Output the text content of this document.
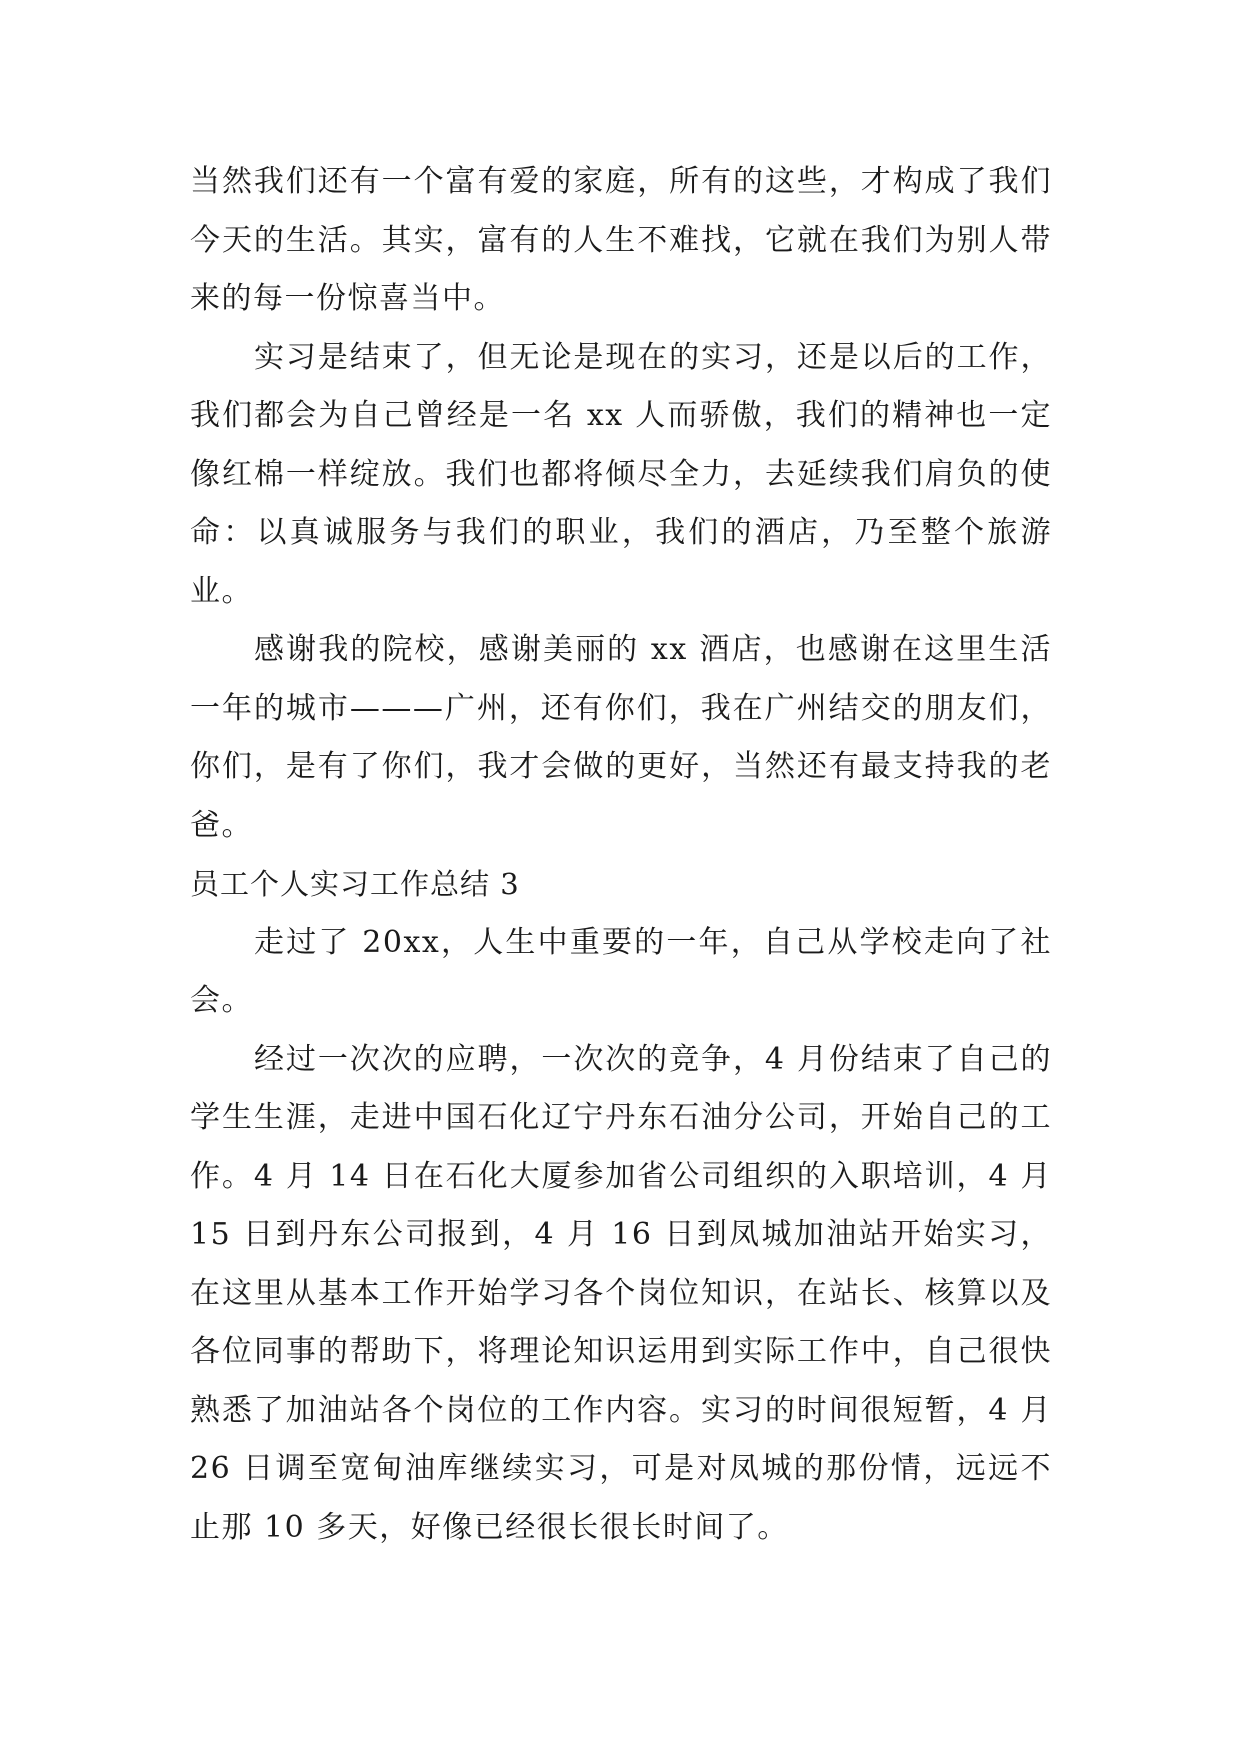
当然我们还有一个富有爱的家庭，所有的这些，才构成了我们今天的生活。其实，富有的人生不难找，它就在我们为别人带来的每一份惊喜当中。

实习是结束了，但无论是现在的实习，还是以后的工作，我们都会为自己曾经是一名 xx 人而骄傲，我们的精神也一定像红棉一样绽放。我们也都将倾尽全力，去延续我们肩负的使命：以真诚服务与我们的职业，我们的酒店，乃至整个旅游业。

感谢我的院校，感谢美丽的 xx 酒店，也感谢在这里生活一年的城市———广州，还有你们，我在广州结交的朋友们，你们，是有了你们，我才会做的更好，当然还有最支持我的老爸。

员工个人实习工作总结 3

走过了 20xx，人生中重要的一年，自己从学校走向了社会。

经过一次次的应聘，一次次的竞争，4 月份结束了自己的学生生涯，走进中国石化辽宁丹东石油分公司，开始自己的工作。4 月 14 日在石化大厦参加省公司组织的入职培训，4 月 15 日到丹东公司报到，4 月 16 日到凤城加油站开始实习，在这里从基本工作开始学习各个岗位知识，在站长、核算以及各位同事的帮助下，将理论知识运用到实际工作中，自己很快熟悉了加油站各个岗位的工作内容。实习的时间很短暂，4 月 26 日调至宽甸油库继续实习，可是对凤城的那份情，远远不止那 10 多天，好像已经很长很长时间了。
